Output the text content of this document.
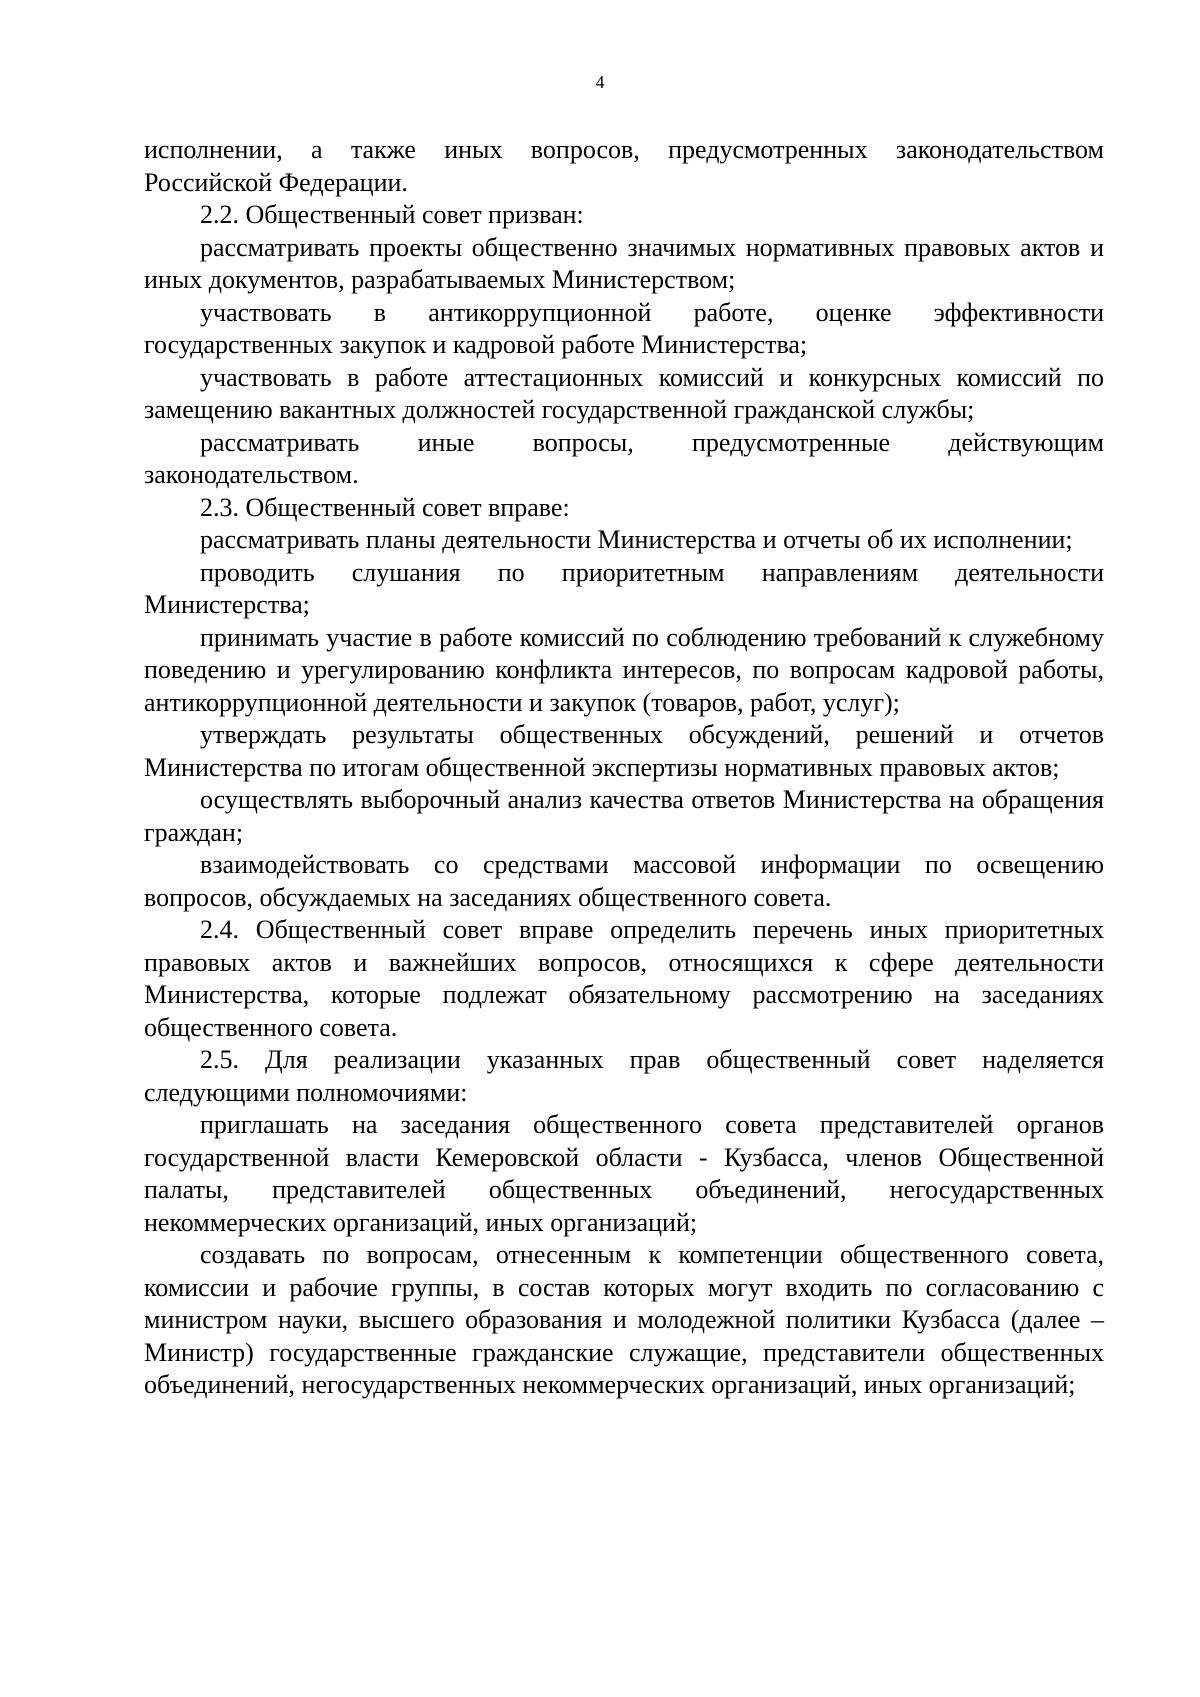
4

исполнении, а также иных вопросов, предусмотренных законодательством Российской Федерации.

2.2. Общественный совет призван:

рассматривать проекты общественно значимых нормативных правовых актов и иных документов, разрабатываемых Министерством;

участвовать в антикоррупционной работе, оценке эффективности государственных закупок и кадровой работе Министерства;

участвовать в работе аттестационных комиссий и конкурсных комиссий по замещению вакантных должностей государственной гражданской службы;

рассматривать иные вопросы, предусмотренные действующим законодательством.

2.3. Общественный совет вправе:

рассматривать планы деятельности Министерства и отчеты об их исполнении;

проводить слушания по приоритетным направлениям деятельности Министерства;

принимать участие в работе комиссий по соблюдению требований к служебному поведению и урегулированию конфликта интересов, по вопросам кадровой работы, антикоррупционной деятельности и закупок (товаров, работ, услуг);

утверждать результаты общественных обсуждений, решений и отчетов Министерства по итогам общественной экспертизы нормативных правовых актов;

осуществлять выборочный анализ качества ответов Министерства на обращения граждан;

взаимодействовать со средствами массовой информации по освещению вопросов, обсуждаемых на заседаниях общественного совета.

2.4. Общественный совет вправе определить перечень иных приоритетных правовых актов и важнейших вопросов, относящихся к сфере деятельности Министерства, которые подлежат обязательному рассмотрению на заседаниях общественного совета.

2.5. Для реализации указанных прав общественный совет наделяется следующими полномочиями:

приглашать на заседания общественного совета представителей органов государственной власти Кемеровской области - Кузбасса, членов Общественной палаты, представителей общественных объединений, негосударственных некоммерческих организаций, иных организаций;

создавать по вопросам, отнесенным к компетенции общественного совета, комиссии и рабочие группы, в состав которых могут входить по согласованию с министром науки, высшего образования и молодежной политики Кузбасса (далее – Министр) государственные гражданские служащие, представители общественных объединений, негосударственных некоммерческих организаций, иных организаций;
